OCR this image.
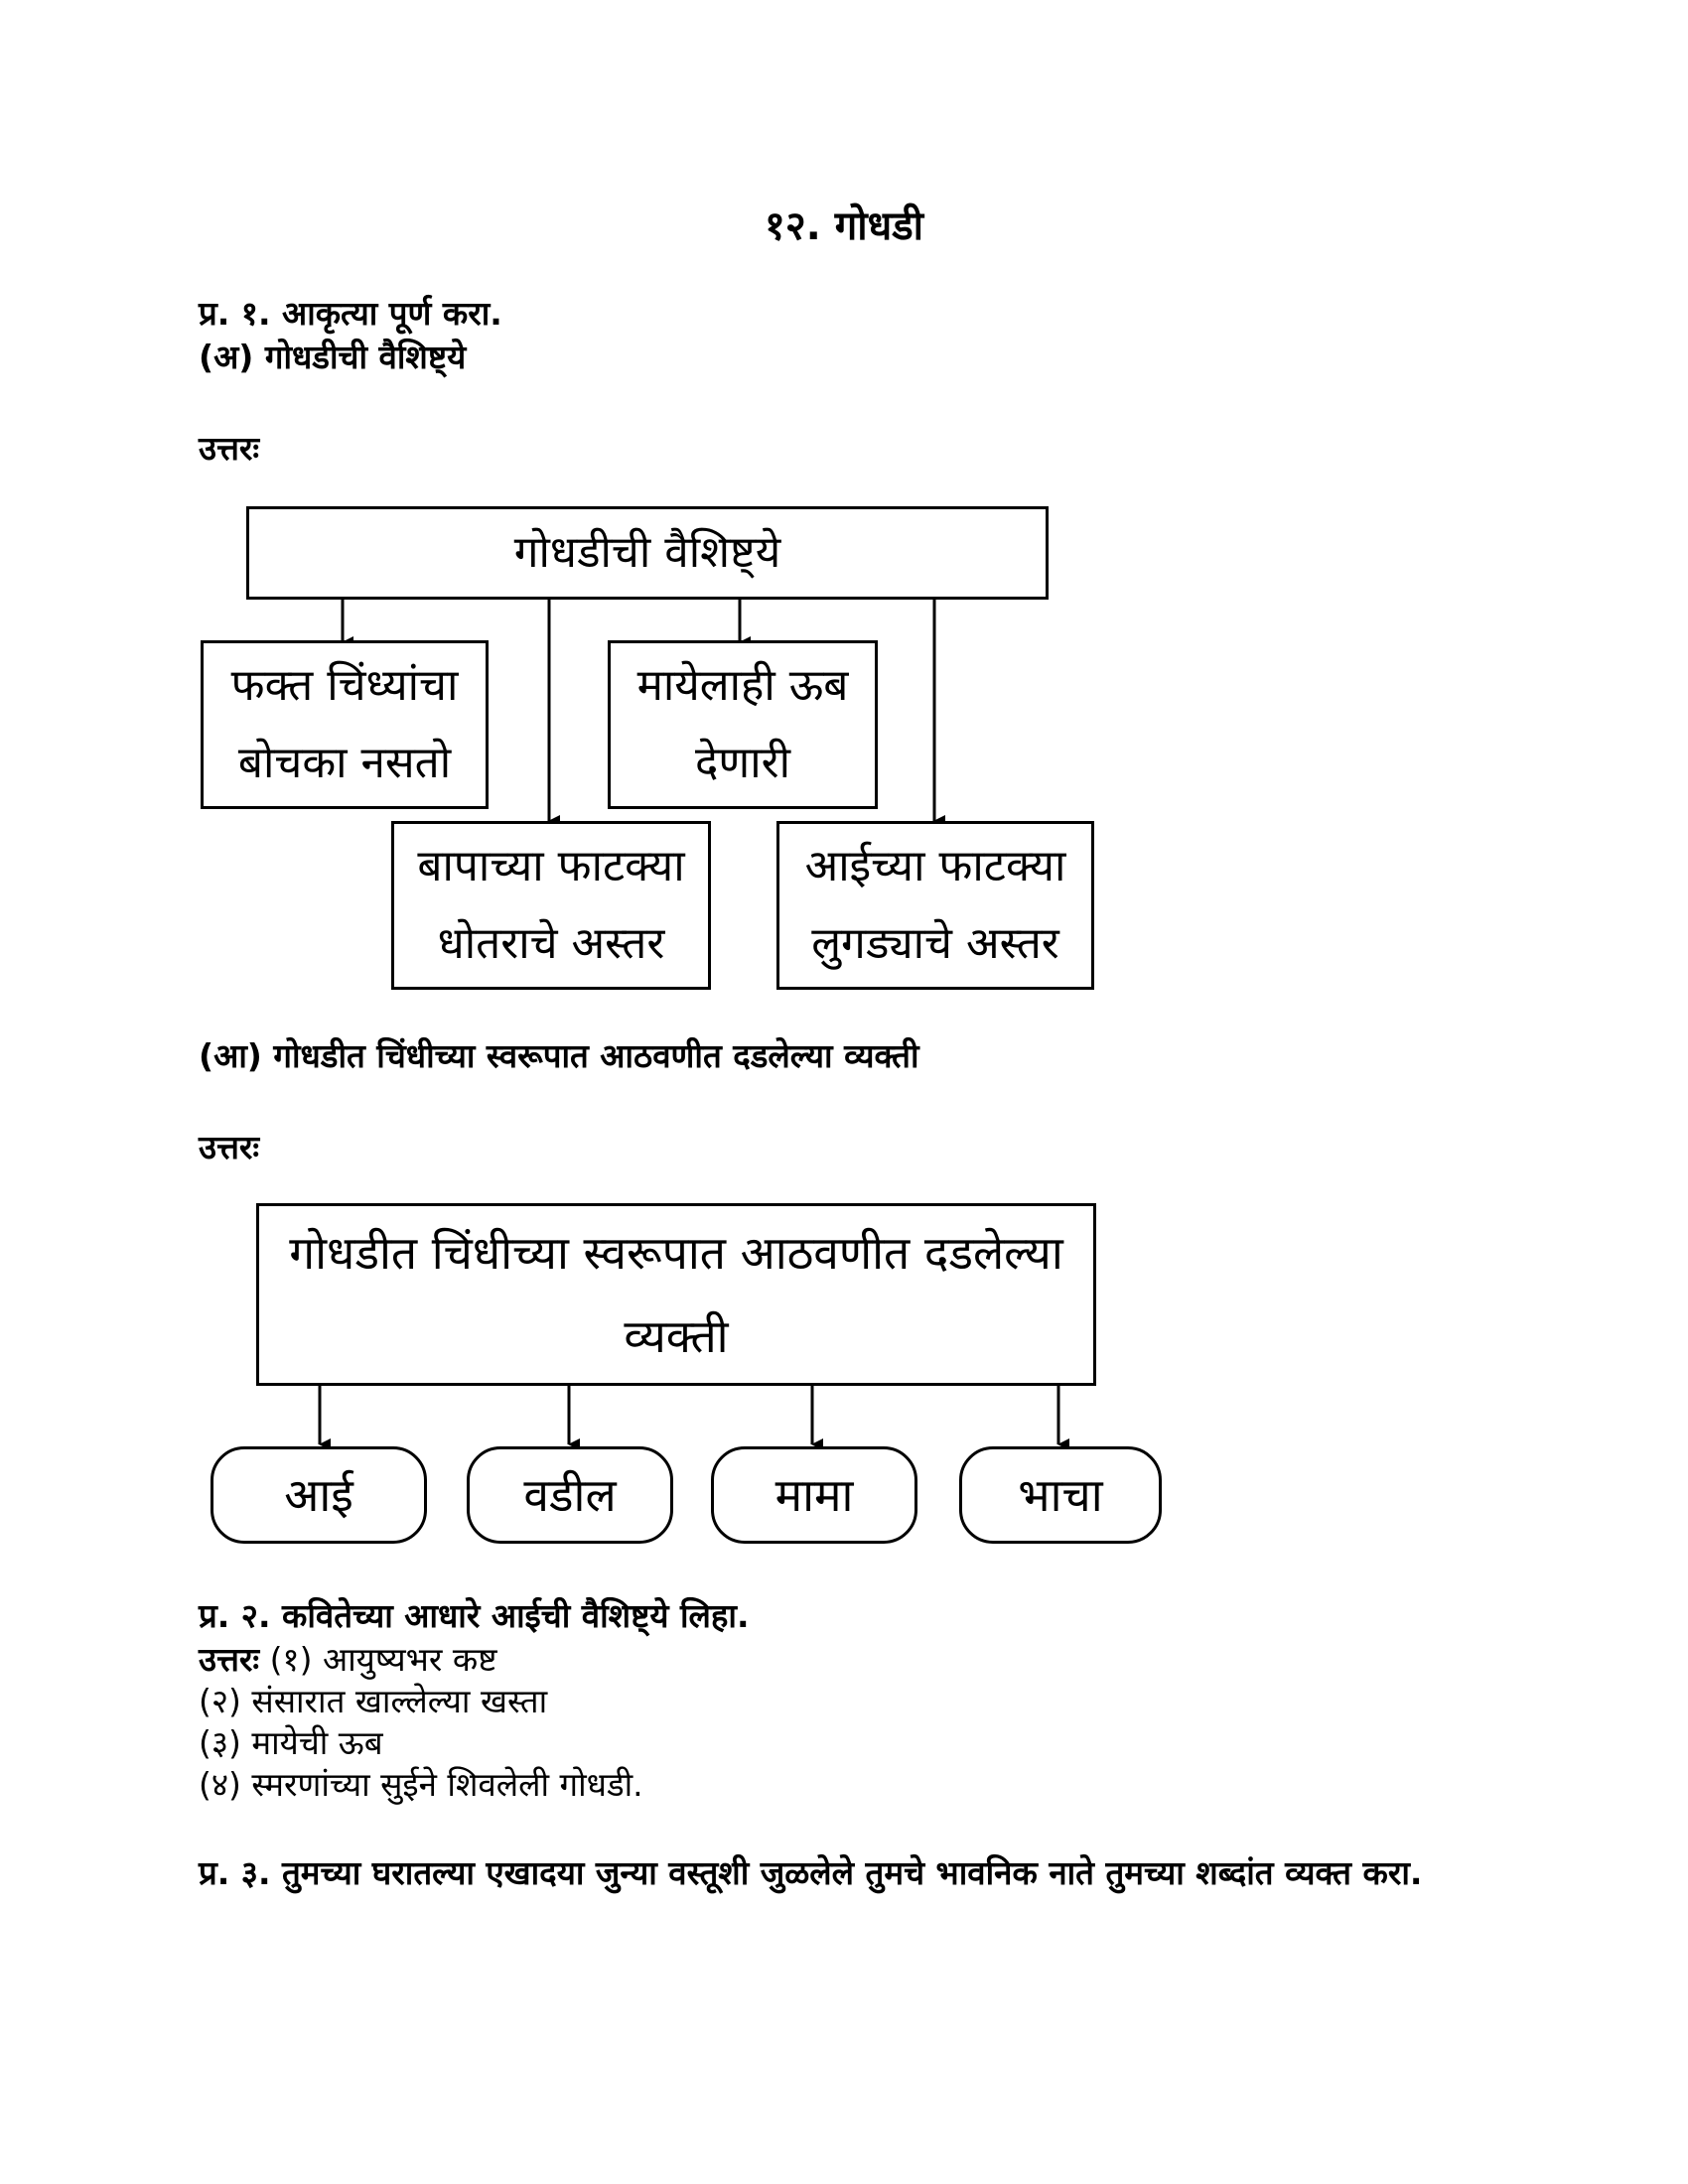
१२. गोधडी
प्र. १. आकृत्या पूर्ण करा.
(अ) गोधडीची वैशिष्ट्ये
उत्तरः
गोधडीची वैशिष्ट्ये
फक्त चिंध्यांचा बोचका नसतो
मायेलाही ऊब देणारी
बापाच्या फाटक्या धोतराचे अस्तर
आईच्या फाटक्या लुगड्याचे अस्तर
(आ) गोधडीत चिंधीच्या स्वरूपात आठवणीत दडलेल्या व्यक्ती
उत्तरः
गोधडीत चिंधीच्या स्वरूपात आठवणीत दडलेल्या व्यक्ती
आई	वडील	मामा	भाचा
प्र. २. कवितेच्या आधारे आईची वैशिष्ट्ये लिहा.
उत्तरः (१) आयुष्यभर कष्ट
(२) संसारात खाल्लेल्या खस्ता
(३) मायेची ऊब
(४) स्मरणांच्या सुईने शिवलेली गोधडी.
प्र. ३. तुमच्या घरातल्या एखादया जुन्या वस्तूशी जुळलेले तुमचे भावनिक नाते तुमच्या शब्दांत व्यक्त करा.
